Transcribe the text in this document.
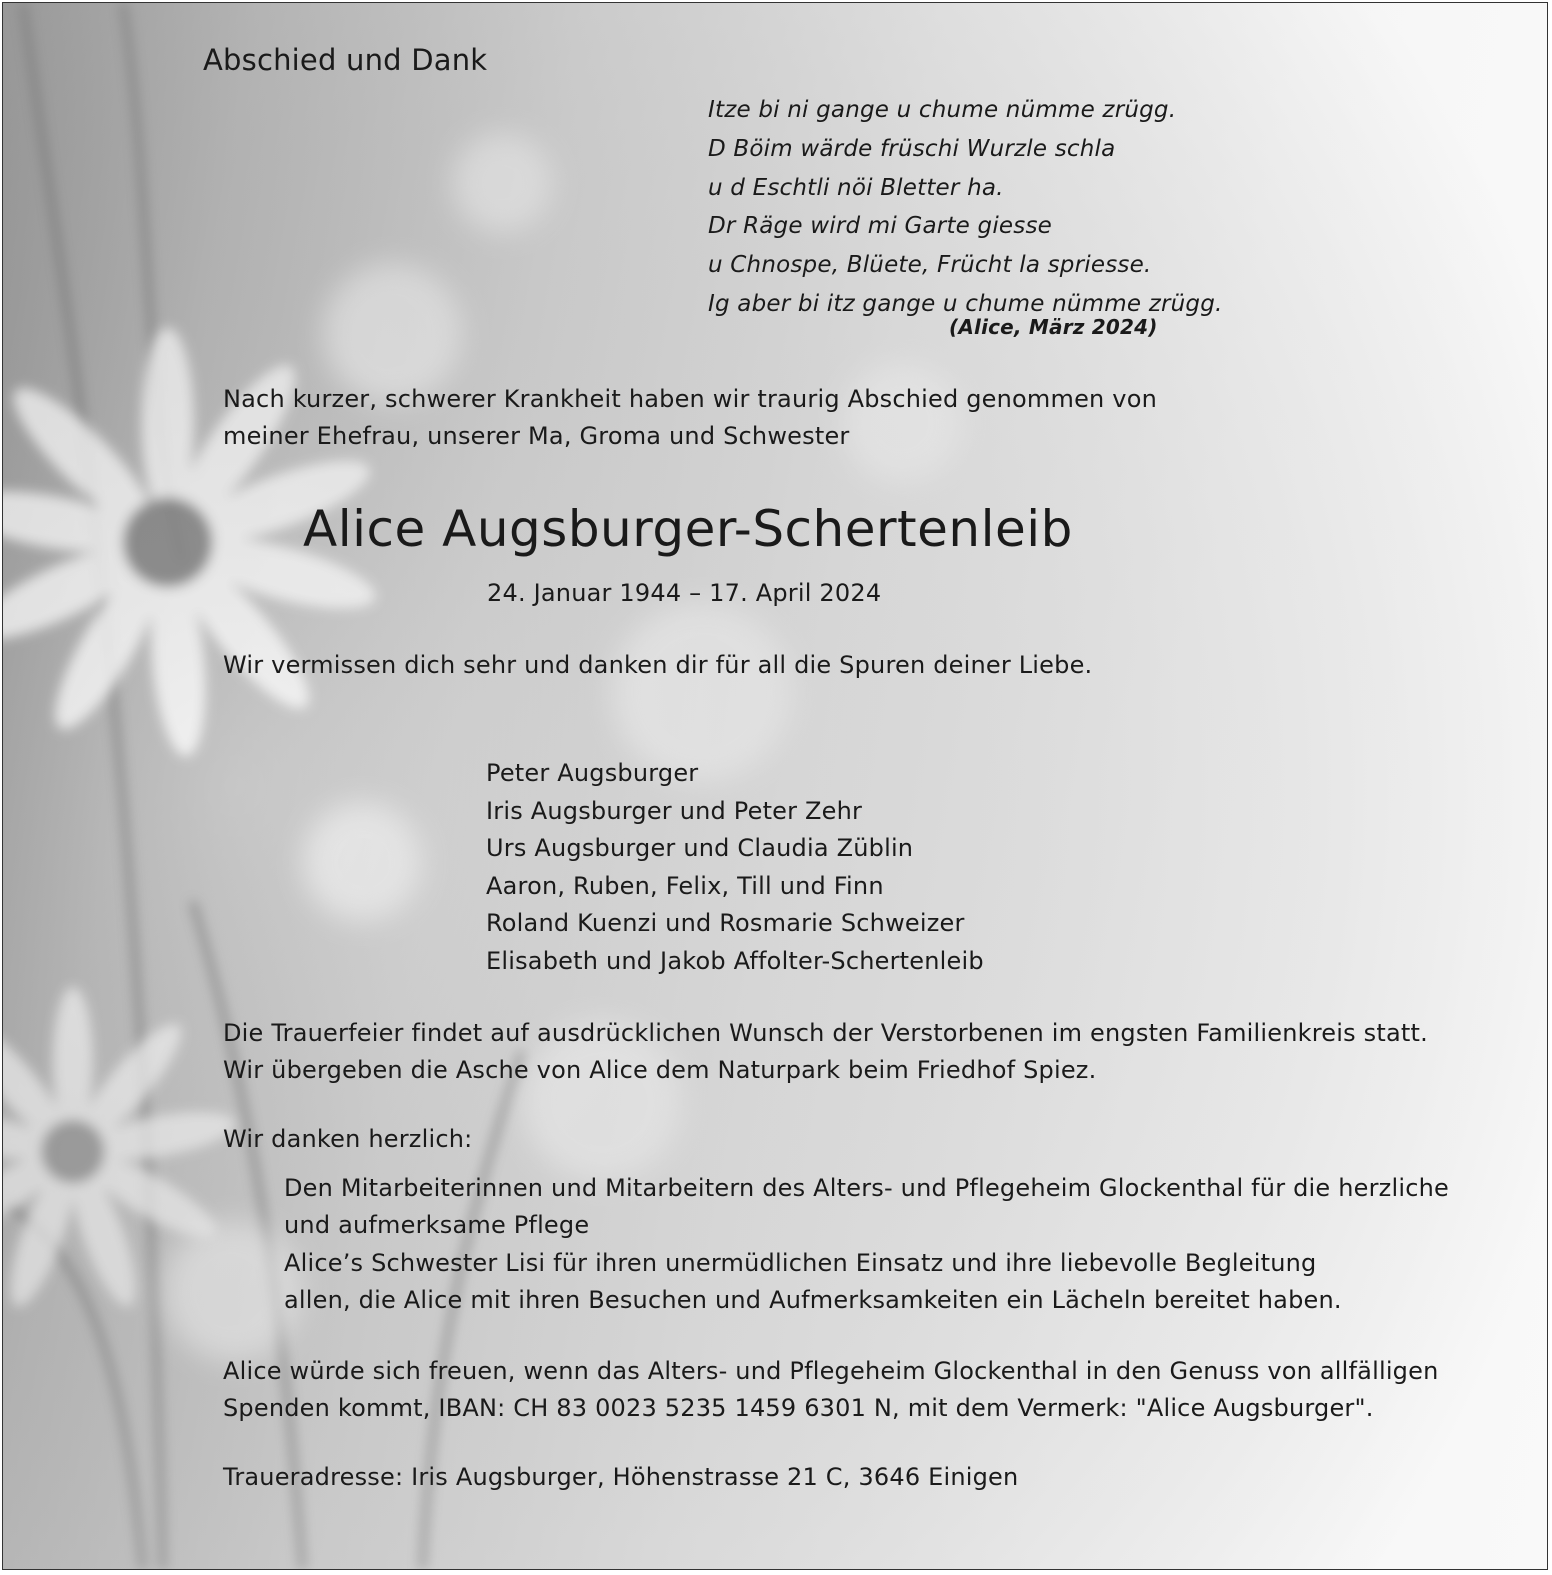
Abschied und Dank

Itze bi ni gange u chume nümme zrügg.
D Böim wärde früschi Wurzle schla
u d Eschtli nöi Bletter ha.
Dr Räge wird mi Garte giesse
u Chnospe, Blüete, Frücht la spriesse.
Ig aber bi itz gange u chume nümme zrügg.

(Alice, März 2024)

Nach kurzer, schwerer Krankheit haben wir traurig Abschied genommen von
meiner Ehefrau, unserer Ma, Groma und Schwester

Alice Augsburger-Schertenleib

24. Januar 1944 – 17. April 2024

Wir vermissen dich sehr und danken dir für all die Spuren deiner Liebe.

Peter Augsburger
Iris Augsburger und Peter Zehr
Urs Augsburger und Claudia Züblin
Aaron, Ruben, Felix, Till und Finn
Roland Kuenzi und Rosmarie Schweizer
Elisabeth und Jakob Affolter-Schertenleib
Die Trauerfeier findet auf ausdrücklichen Wunsch der Verstorbenen im engsten Familienkreis statt.
Wir übergeben die Asche von Alice dem Naturpark beim Friedhof Spiez.

Wir danken herzlich:

Den Mitarbeiterinnen und Mitarbeitern des Alters- und Pflegeheim Glockenthal für die herzliche
und aufmerksame Pflege
Alice’s Schwester Lisi für ihren unermüdlichen Einsatz und ihre liebevolle Begleitung
allen, die Alice mit ihren Besuchen und Aufmerksamkeiten ein Lächeln bereitet haben.
Alice würde sich freuen, wenn das Alters- und Pflegeheim Glockenthal in den Genuss von allfälligen
Spenden kommt, IBAN: CH 83 0023 5235 1459 6301 N, mit dem Vermerk: "Alice Augsburger".

Traueradresse: Iris Augsburger, Höhenstrasse 21 C, 3646 Einigen
